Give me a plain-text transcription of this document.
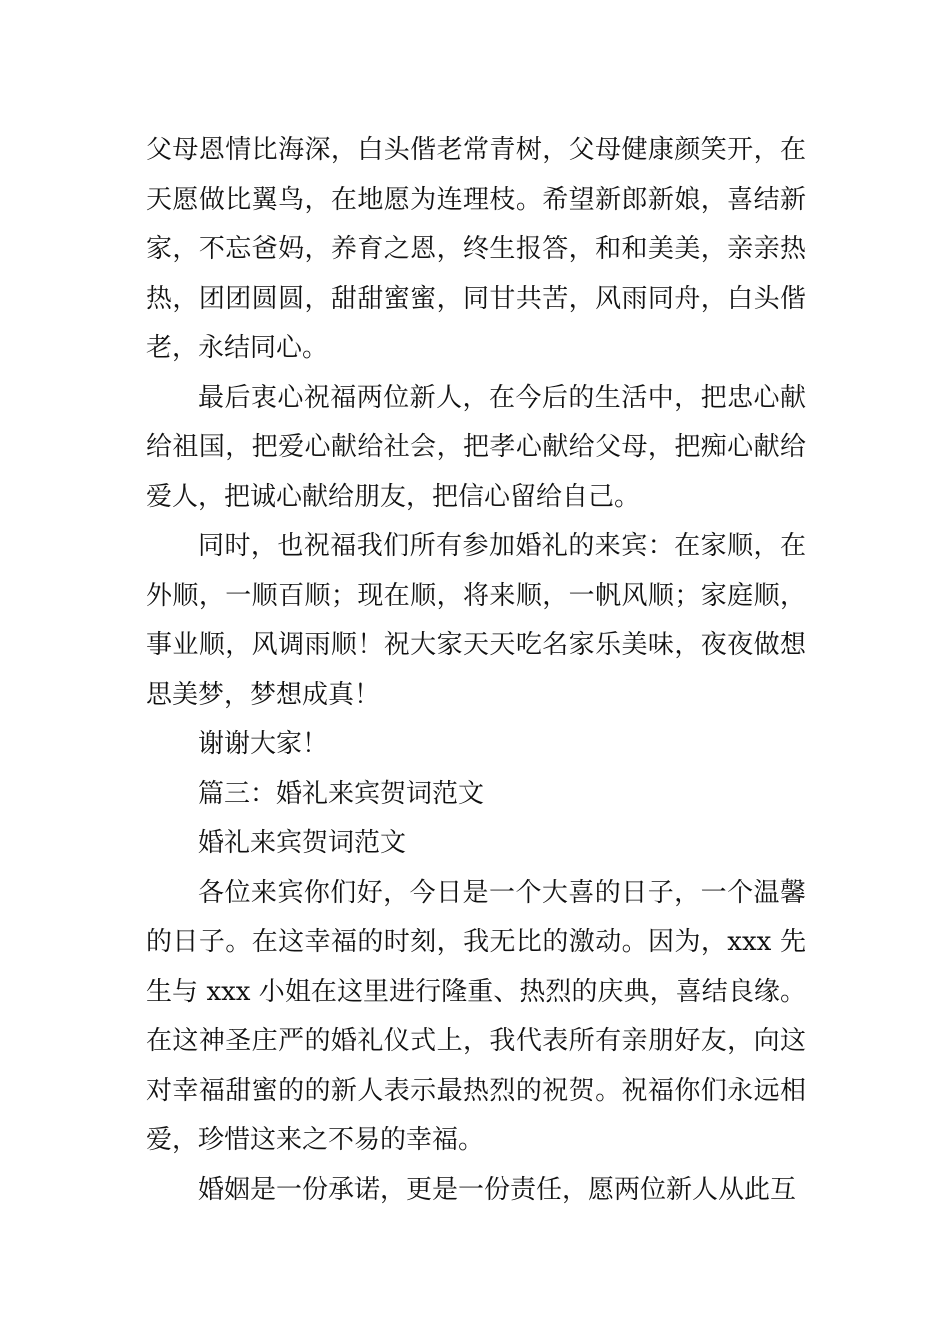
父母恩情比海深，白头偕老常青树，父母健康颜笑开，在天愿做比翼鸟，在地愿为连理枝。希望新郎新娘，喜结新家，不忘爸妈，养育之恩，终生报答，和和美美，亲亲热热，团团圆圆，甜甜蜜蜜，同甘共苦，风雨同舟，白头偕老，永结同心。

最后衷心祝福两位新人，在今后的生活中，把忠心献给祖国，把爱心献给社会，把孝心献给父母，把痴心献给爱人，把诚心献给朋友，把信心留给自己。

同时，也祝福我们所有参加婚礼的来宾：在家顺，在外顺，一顺百顺；现在顺，将来顺，一帆风顺；家庭顺，事业顺，风调雨顺！祝大家天天吃名家乐美味，夜夜做想思美梦，梦想成真！

谢谢大家！

篇三：婚礼来宾贺词范文

婚礼来宾贺词范文

各位来宾你们好，今日是一个大喜的日子，一个温馨的日子。在这幸福的时刻，我无比的激动。因为，xxx 先生与 xxx 小姐在这里进行隆重、热烈的庆典，喜结良缘。在这神圣庄严的婚礼仪式上，我代表所有亲朋好友，向这对幸福甜蜜的的新人表示最热烈的祝贺。祝福你们永远相爱，珍惜这来之不易的幸福。

婚姻是一份承诺，更是一份责任，愿两位新人从此互
